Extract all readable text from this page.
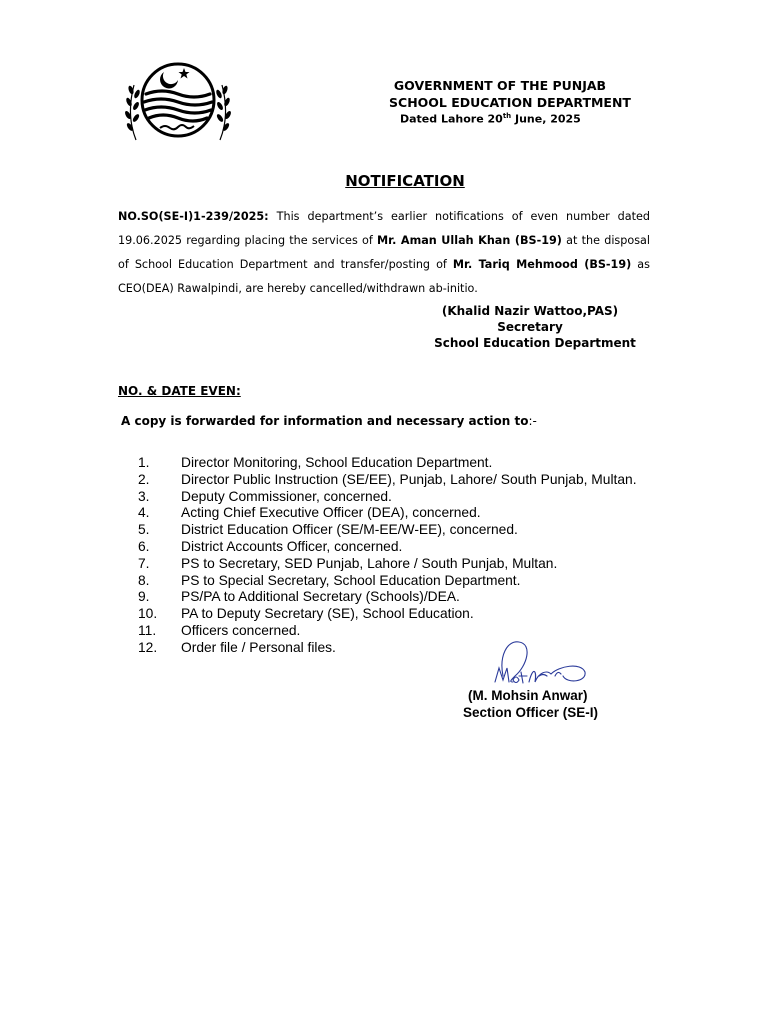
GOVERNMENT OF THE PUNJAB
SCHOOL EDUCATION DEPARTMENT
Dated Lahore 20th June, 2025
NOTIFICATION
NO.SO(SE-I)1-239/2025: This department’s earlier notifications of even number dated 19.06.2025 regarding placing the services of Mr. Aman Ullah Khan (BS-19) at the disposal of School Education Department and transfer/posting of Mr. Tariq Mehmood (BS-19) as CEO(DEA) Rawalpindi, are hereby cancelled/withdrawn ab-initio.
(Khalid Nazir Wattoo,PAS)
Secretary
School Education Department
NO. & DATE EVEN:
A copy is forwarded for information and necessary action to:-
1.	Director Monitoring, School Education Department.
2.	Director Public Instruction (SE/EE), Punjab, Lahore/ South Punjab, Multan.
3.	Deputy Commissioner, concerned.
4.	Acting Chief Executive Officer (DEA), concerned.
5.	District Education Officer (SE/M-EE/W-EE), concerned.
6.	District Accounts Officer, concerned.
7.	PS to Secretary, SED Punjab, Lahore / South Punjab, Multan.
8.	PS to Special Secretary, School Education Department.
9.	PS/PA to Additional Secretary (Schools)/DEA.
10.	PA to Deputy Secretary (SE), School Education.
11.	Officers concerned.
12.	Order file / Personal files.
(M. Mohsin Anwar)
Section Officer (SE-I)
